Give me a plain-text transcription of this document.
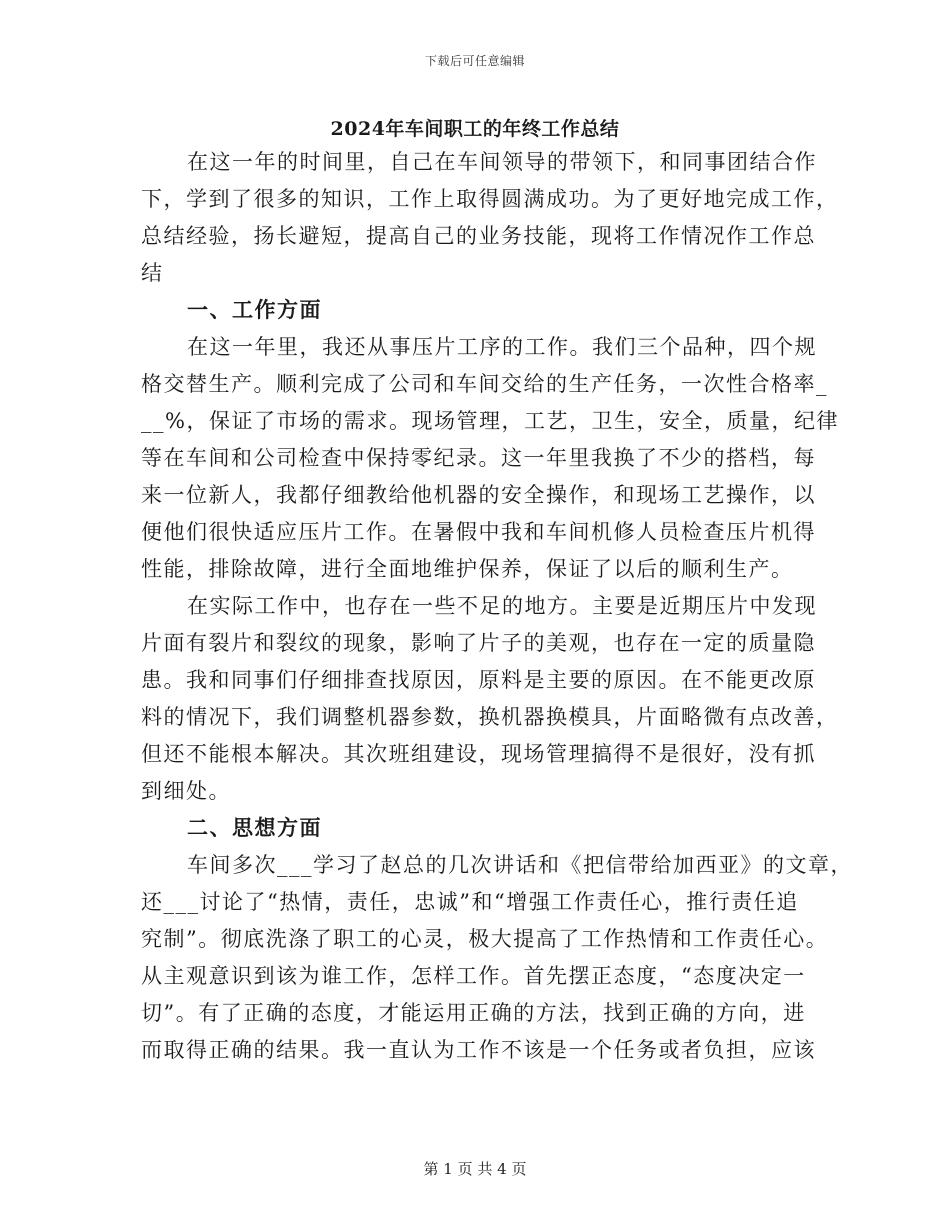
下载后可任意编辑
2024年车间职工的年终工作总结
在这一年的时间里，自己在车间领导的带领下，和同事团结合作
下，学到了很多的知识，工作上取得圆满成功。为了更好地完成工作，
总结经验，扬长避短，提高自己的业务技能，现将工作情况作工作总
结
一、工作方面
在这一年里，我还从事压片工序的工作。我们三个品种，四个规
格交替生产。顺利完成了公司和车间交给的生产任务，一次性合格率_
__%，保证了市场的需求。现场管理，工艺，卫生，安全，质量，纪律
等在车间和公司检查中保持零纪录。这一年里我换了不少的搭档，每
来一位新人，我都仔细教给他机器的安全操作，和现场工艺操作，以
便他们很快适应压片工作。在暑假中我和车间机修人员检查压片机得
性能，排除故障，进行全面地维护保养，保证了以后的顺利生产。
在实际工作中，也存在一些不足的地方。主要是近期压片中发现
片面有裂片和裂纹的现象，影响了片子的美观，也存在一定的质量隐
患。我和同事们仔细排查找原因，原料是主要的原因。在不能更改原
料的情况下，我们调整机器参数，换机器换模具，片面略微有点改善，
但还不能根本解决。其次班组建设，现场管理搞得不是很好，没有抓
到细处。
二、思想方面
车间多次___学习了赵总的几次讲话和《把信带给加西亚》的文章，
还___讨论了“热情，责任，忠诚”和“增强工作责任心，推行责任追
究制”。彻底洗涤了职工的心灵，极大提高了工作热情和工作责任心。
从主观意识到该为谁工作，怎样工作。首先摆正态度，“态度决定一
切”。有了正确的态度，才能运用正确的方法，找到正确的方向，进
而取得正确的结果。我一直认为工作不该是一个任务或者负担，应该
第 1 页 共 4 页
